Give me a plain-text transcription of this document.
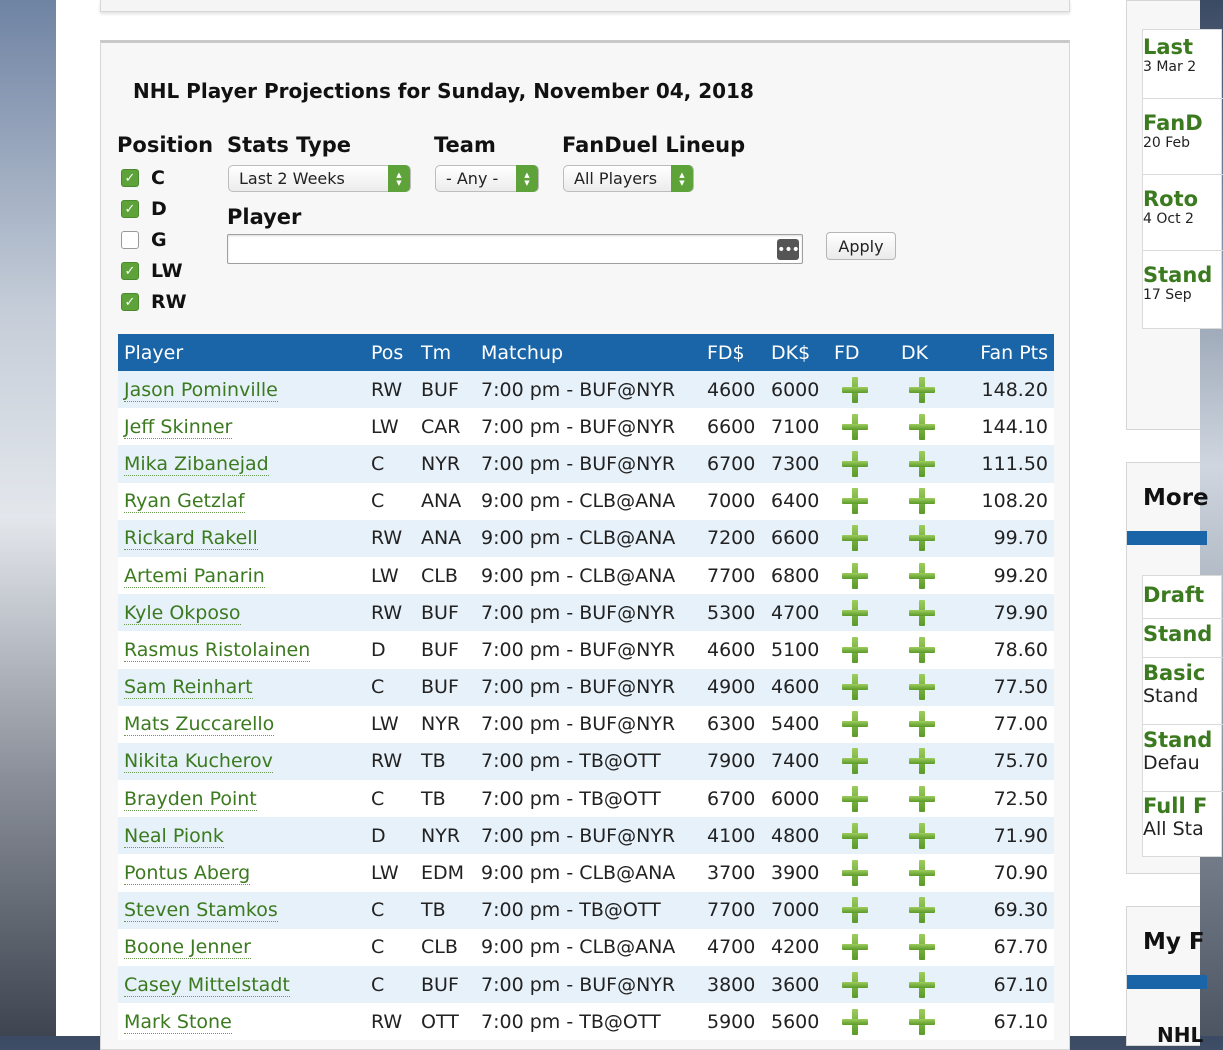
NHL Player Projections for Sunday, November 04, 2018
Position
✓ C
✓ D
G
✓ LW
✓ RW
Stats Type
Last 2 Weeks	▲
▼
Team
- Any -	▲
▼
FanDuel Lineup
All Players	▲
▼
Player
•••	Apply
Player	Pos	Tm	Matchup	FD$	DK$	FD	DK	Fan Pts
Jason Pominville	RW	BUF	7:00 pm - BUF@NYR	4600	6000			148.20
Jeff Skinner	LW	CAR	7:00 pm - BUF@NYR	6600	7100			144.10
Mika Zibanejad	C	NYR	7:00 pm - BUF@NYR	6700	7300			111.50
Ryan Getzlaf	C	ANA	9:00 pm - CLB@ANA	7000	6400			108.20
Rickard Rakell	RW	ANA	9:00 pm - CLB@ANA	7200	6600			99.70
Artemi Panarin	LW	CLB	9:00 pm - CLB@ANA	7700	6800			99.20
Kyle Okposo	RW	BUF	7:00 pm - BUF@NYR	5300	4700			79.90
Rasmus Ristolainen	D	BUF	7:00 pm - BUF@NYR	4600	5100			78.60
Sam Reinhart	C	BUF	7:00 pm - BUF@NYR	4900	4600			77.50
Mats Zuccarello	LW	NYR	7:00 pm - BUF@NYR	6300	5400			77.00
Nikita Kucherov	RW	TB	7:00 pm - TB@OTT	7900	7400			75.70
Brayden Point	C	TB	7:00 pm - TB@OTT	6700	6000			72.50
Neal Pionk	D	NYR	7:00 pm - BUF@NYR	4100	4800			71.90
Pontus Aberg	LW	EDM	9:00 pm - CLB@ANA	3700	3900			70.90
Steven Stamkos	C	TB	7:00 pm - TB@OTT	7700	7000			69.30
Boone Jenner	C	CLB	9:00 pm - CLB@ANA	4700	4200			67.70
Casey Mittelstadt	C	BUF	7:00 pm - BUF@NYR	3800	3600			67.10
Mark Stone	RW	OTT	7:00 pm - TB@OTT	5900	5600			67.10
Last
3 Mar 2
FanD
20 Feb
Roto
4 Oct 2
Stand
17 Sep
More
Draft
Stand
Basic
Stand
Stand
Defau
Full F
All Sta
My F
NHL
